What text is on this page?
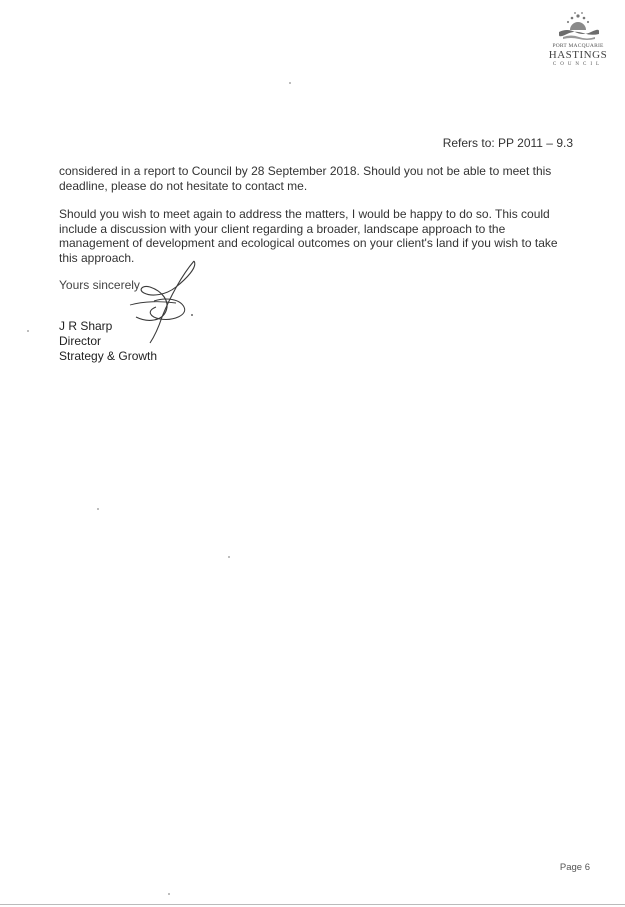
PORT MACQUARIE
HASTINGS
COUNCIL
Refers to: PP 2011 – 9.3

considered in a report to Council by 28 September 2018. Should you not be able to meet this deadline, please do not hesitate to contact me.

Should you wish to meet again to address the matters, I would be happy to do so. This could include a discussion with your client regarding a broader, landscape approach to the management of development and ecological outcomes on your client's land if you wish to take this approach.

Yours sincerely
J R Sharp
Director
Strategy & Growth
Page 6
